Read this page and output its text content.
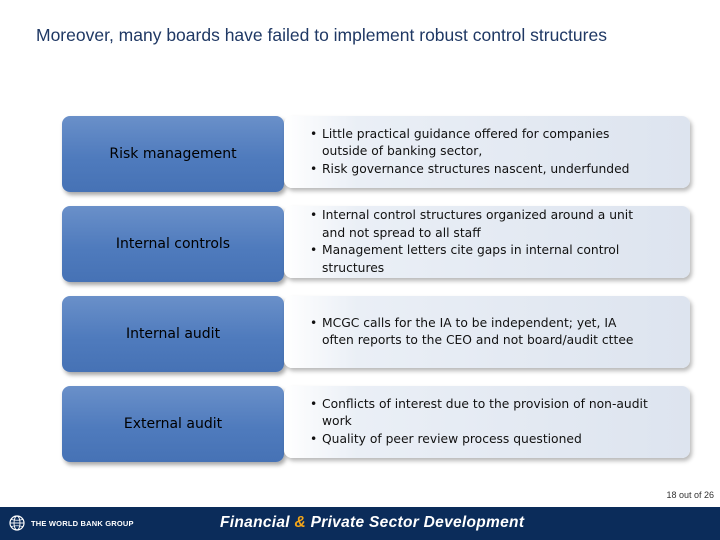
Moreover, many boards have failed to implement robust control structures
Risk management
• Little practical guidance offered for companies
outside of banking sector,
• Risk governance structures nascent, underfunded
Internal controls
• Internal control structures organized around a unit
and not spread to all staff
• Management letters cite gaps in internal control
structures
Internal audit
• MCGC calls for the IA to be independent; yet, IA
often reports to the CEO and not board/audit cttee
External audit
• Conflicts of interest due to the provision of non-audit
work
• Quality of peer review process questioned
18 out of 26
THE WORLD BANK GROUP	Financial & Private Sector Development
